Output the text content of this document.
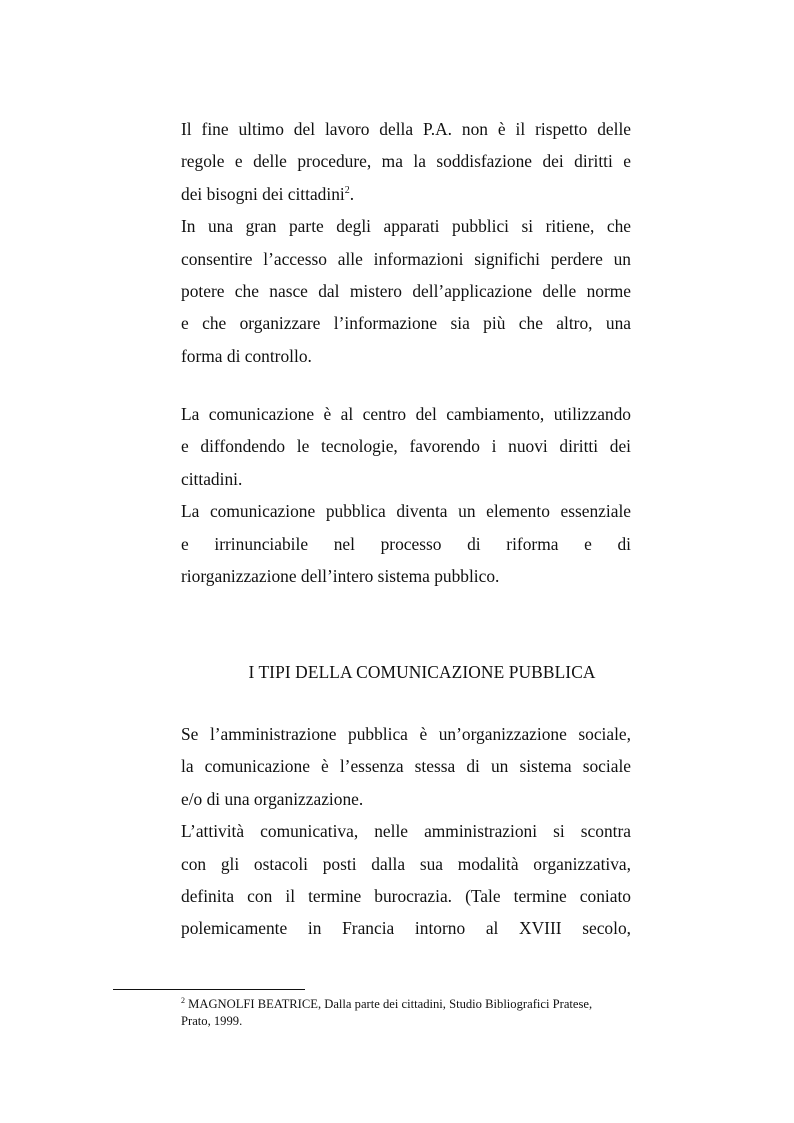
Il fine ultimo del lavoro della P.A. non è il rispetto delle
regole e delle procedure, ma la soddisfazione dei diritti e
dei bisogni dei cittadini$^2$.
In una gran parte degli apparati pubblici si ritiene, che
consentire l’accesso alle informazioni significhi perdere un
potere che nasce dal mistero dell’applicazione delle norme
e che organizzare l’informazione sia più che altro, una
forma di controllo.
La comunicazione è al centro del cambiamento, utilizzando
e diffondendo le tecnologie, favorendo i nuovi diritti dei
cittadini.
La comunicazione pubblica diventa un elemento essenziale
e irrinunciabile nel processo di riforma e di
riorganizzazione dell’intero sistema pubblico.
I TIPI DELLA COMUNICAZIONE PUBBLICA
Se l’amministrazione pubblica è un’organizzazione sociale,
la comunicazione è l’essenza stessa di un sistema sociale
e/o di una organizzazione.
L’attività comunicativa, nelle amministrazioni si scontra
con gli ostacoli posti dalla sua modalità organizzativa,
definita con il termine burocrazia. (Tale termine coniato
polemicamente in Francia intorno al XVIII secolo,
$^2$ MAGNOLFI BEATRICE, Dalla parte dei cittadini, Studio Bibliografici Pratese,
Prato, 1999.
